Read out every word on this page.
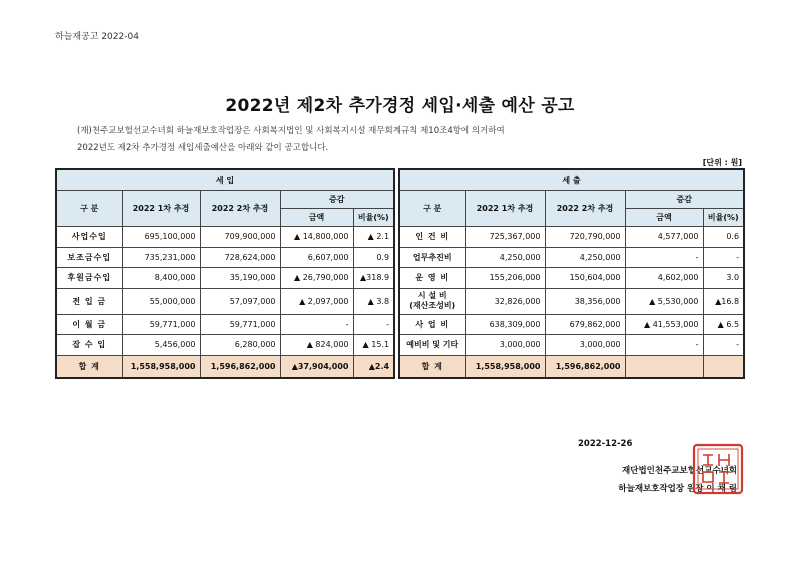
하늘재공고 2022-04
2022년 제2차 추가경정 세입·세출 예산 공고
(재)천주교보헐선교수녀회 하늘재보호작업장은 사회복지법인 및 사회복지시설 재무회계규칙 제10조4항에 의거하여
2022년도 제2차 추가경정 세입세출예산을 아래와 같이 공고합니다.
[단위 : 원]
세 입				
구 분	2022 1차 추경	2022 2차 추경	증감	
			금액	비율(%)
사업수입	695,100,000	709,900,000	▲ 14,800,000	▲ 2.1
보조금수입	735,231,000	728,624,000	6,607,000	0.9
후원금수입	8,400,000	35,190,000	▲ 26,790,000	▲318.9
전 입 금	55,000,000	57,097,000	▲ 2,097,000	▲ 3.8
이 월 금	59,771,000	59,771,000	-	-
잡 수 입	5,456,000	6,280,000	▲ 824,000	▲ 15.1
합 계	1,558,958,000	1,596,862,000	▲37,904,000	▲2.4
세 출				
구 분	2022 1차 추경	2022 2차 추경	증감	
			금액	비율(%)
인 건 비	725,367,000	720,790,000	4,577,000	0.6
업무추진비	4,250,000	4,250,000	-	-
운 영 비	155,206,000	150,604,000	4,602,000	3.0

시 설 비
(재산조성비)	32,826,000	38,356,000	▲ 5,530,000	▲16.8
사 업 비	638,309,000	679,862,000	▲ 41,553,000	▲ 6.5
예비비 및 기타	3,000,000	3,000,000	-	-
합 계	1,558,958,000	1,596,862,000		
2022-12-26
재단법인천주교보헐선교수녀회
하늘재보호작업장 원장 이 채 림
